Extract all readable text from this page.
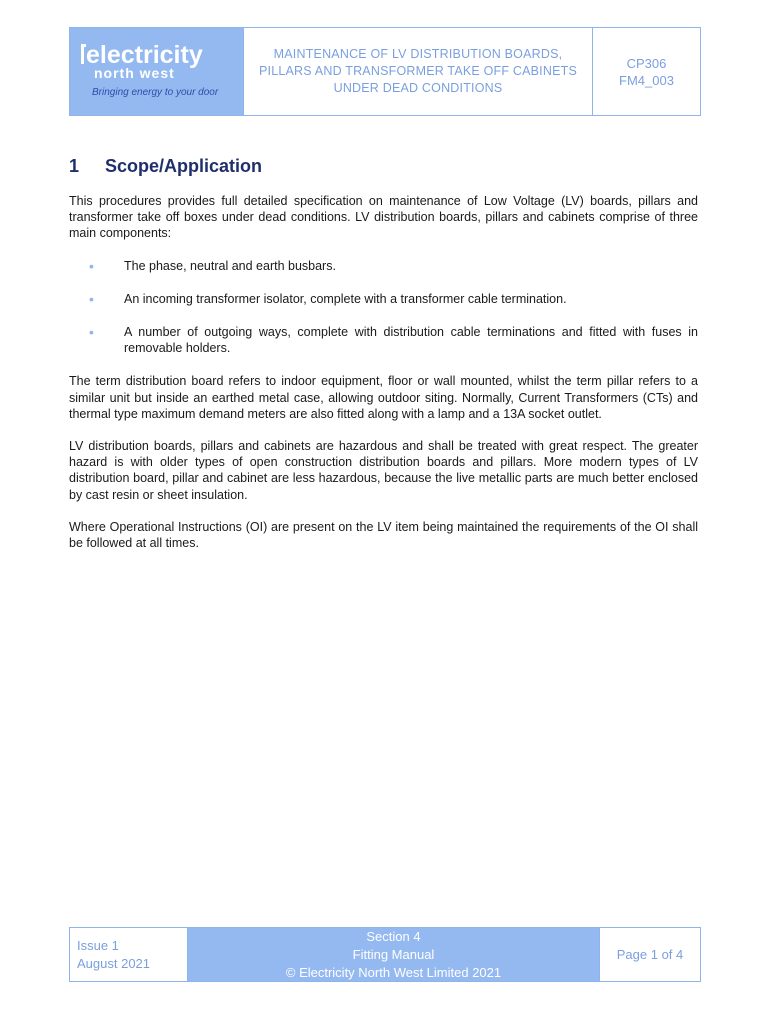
electricity
north west
Bringing energy to your door
MAINTENANCE OF LV DISTRIBUTION BOARDS,
PILLARS AND TRANSFORMER TAKE OFF CABINETS
UNDER DEAD CONDITIONS
CP306
FM4_003
1 Scope/Application

This procedures provides full detailed specification on maintenance of Low Voltage (LV) boards, pillars and transformer take off boxes under dead conditions. LV distribution boards, pillars and cabinets comprise of three main components:

• The phase, neutral and earth busbars.
• An incoming transformer isolator, complete with a transformer cable termination.
• A number of outgoing ways, complete with distribution cable terminations and fitted with fuses in removable holders.

The term distribution board refers to indoor equipment, floor or wall mounted, whilst the term pillar refers to a similar unit but inside an earthed metal case, allowing outdoor siting. Normally, Current Transformers (CTs) and thermal type maximum demand meters are also fitted along with a lamp and a 13A socket outlet.

LV distribution boards, pillars and cabinets are hazardous and shall be treated with great respect. The greater hazard is with older types of open construction distribution boards and pillars. More modern types of LV distribution board, pillar and cabinet are less hazardous, because the live metallic parts are much better enclosed by cast resin or sheet insulation.

Where Operational Instructions (OI) are present on the LV item being maintained the requirements of the OI shall be followed at all times.

Issue 1
August 2021
Section 4
Fitting Manual
© Electricity North West Limited 2021
Page 1 of 4
